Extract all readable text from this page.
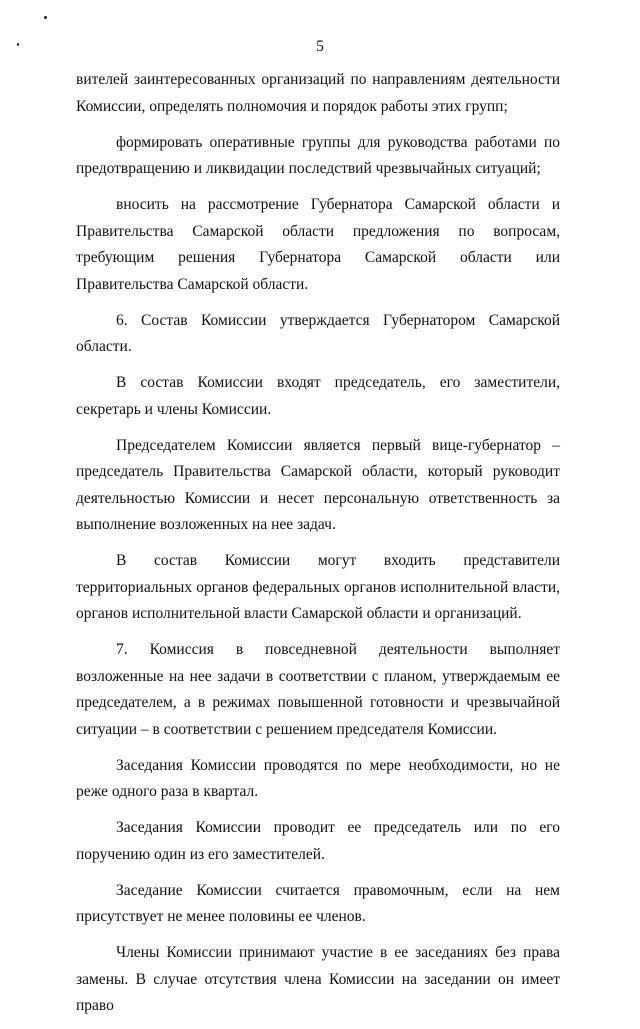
5

вителей заинтересованных организаций по направлениям деятельности Комиссии, определять полномочия и порядок работы этих групп;

формировать оперативные группы для руководства работами по предотвращению и ликвидации последствий чрезвычайных ситуаций;

вносить на рассмотрение Губернатора Самарской области и Правительства Самарской области предложения по вопросам, требующим решения Губернатора Самарской области или Правительства Самарской области.

6. Состав Комиссии утверждается Губернатором Самарской области.

В состав Комиссии входят председатель, его заместители, секретарь и члены Комиссии.

Председателем Комиссии является первый вице-губернатор – председатель Правительства Самарской области, который руководит деятельностью Комиссии и несет персональную ответственность за выполнение возложенных на нее задач.

В состав Комиссии могут входить представители территориальных органов федеральных органов исполнительной власти, органов исполнительной власти Самарской области и организаций.

7. Комиссия в повседневной деятельности выполняет возложенные на нее задачи в соответствии с планом, утверждаемым ее председателем, а в режимах повышенной готовности и чрезвычайной ситуации – в соответствии с решением председателя Комиссии.

Заседания Комиссии проводятся по мере необходимости, но не реже одного раза в квартал.

Заседания Комиссии проводит ее председатель или по его поручению один из его заместителей.

Заседание Комиссии считается правомочным, если на нем присутствует не менее половины ее членов.

Члены Комиссии принимают участие в ее заседаниях без права замены. В случае отсутствия члена Комиссии на заседании он имеет право
